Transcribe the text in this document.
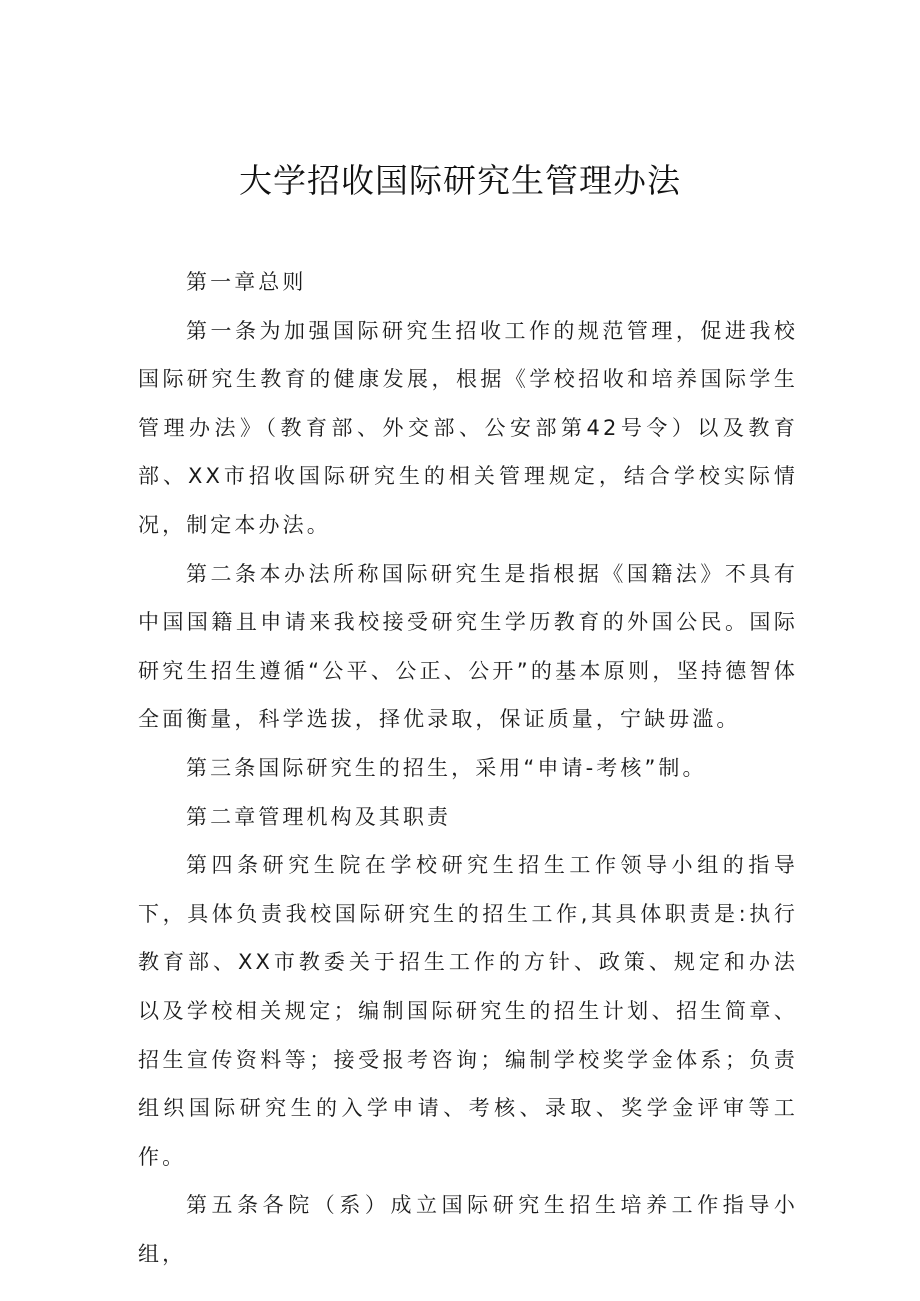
大学招收国际研究生管理办法

第一章总则

第一条为加强国际研究生招收工作的规范管理，促进我校国际研究生教育的健康发展，根据《学校招收和培养国际学生管理办法》（教育部、外交部、公安部第42号令）以及教育部、XX市招收国际研究生的相关管理规定，结合学校实际情况，制定本办法。

第二条本办法所称国际研究生是指根据《国籍法》不具有中国国籍且申请来我校接受研究生学历教育的外国公民。国际研究生招生遵循“公平、公正、公开”的基本原则，坚持德智体全面衡量，科学选拔，择优录取，保证质量，宁缺毋滥。

第三条国际研究生的招生，采用“申请-考核”制。

第二章管理机构及其职责

第四条研究生院在学校研究生招生工作领导小组的指导下，具体负责我校国际研究生的招生工作,其具体职责是:执行教育部、XX市教委关于招生工作的方针、政策、规定和办法以及学校相关规定；编制国际研究生的招生计划、招生简章、招生宣传资料等；接受报考咨询；编制学校奖学金体系；负责组织国际研究生的入学申请、考核、录取、奖学金评审等工作。

第五条各院（系）成立国际研究生招生培养工作指导小组，
